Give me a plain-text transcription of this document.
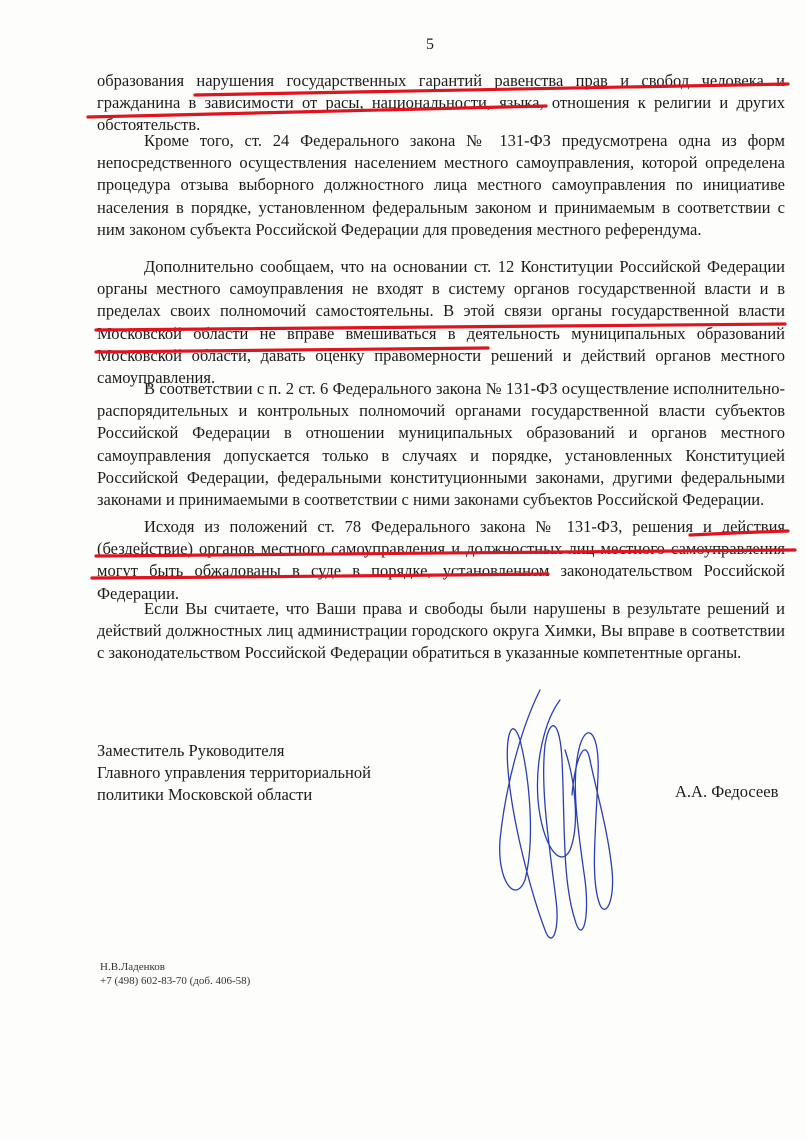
5

образования нарушения государственных гарантий равенства прав и свобод человека и гражданина в зависимости от расы, национальности, языка, отношения к религии и других обстоятельств.

Кроме того, ст. 24 Федерального закона № 131-ФЗ предусмотрена одна из форм непосредственного осуществления населением местного самоуправления, которой определена процедура отзыва выборного должностного лица местного самоуправления по инициативе населения в порядке, установленном федеральным законом и принимаемым в соответствии с ним законом субъекта Российской Федерации для проведения местного референдума.

Дополнительно сообщаем, что на основании ст. 12 Конституции Российской Федерации органы местного самоуправления не входят в систему органов государственной власти и в пределах своих полномочий самостоятельны. В этой связи органы государственной власти Московской области не вправе вмешиваться в деятельность муниципальных образований Московской области, давать оценку правомерности решений и действий органов местного самоуправления.

В соответствии с п. 2 ст. 6 Федерального закона № 131-ФЗ осуществление исполнительно-распорядительных и контрольных полномочий органами государственной власти субъектов Российской Федерации в отношении муниципальных образований и органов местного самоуправления допускается только в случаях и порядке, установленных Конституцией Российской Федерации, федеральными конституционными законами, другими федеральными законами и принимаемыми в соответствии с ними законами субъектов Российской Федерации.

Исходя из положений ст. 78 Федерального закона № 131-ФЗ, решения и действия (бездействие) органов местного самоуправления и должностных лиц местного самоуправления могут быть обжалованы в суде в порядке, установленном законодательством Российской Федерации.

Если Вы считаете, что Ваши права и свободы были нарушены в результате решений и действий должностных лиц администрации городского округа Химки, Вы вправе в соответствии с законодательством Российской Федерации обратиться в указанные компетентные органы.

Заместитель Руководителя
Главного управления территориальной
политики Московской области	А.А. Федосеев
Н.В.Ладенков
+7 (498) 602-83-70 (доб. 406-58)
